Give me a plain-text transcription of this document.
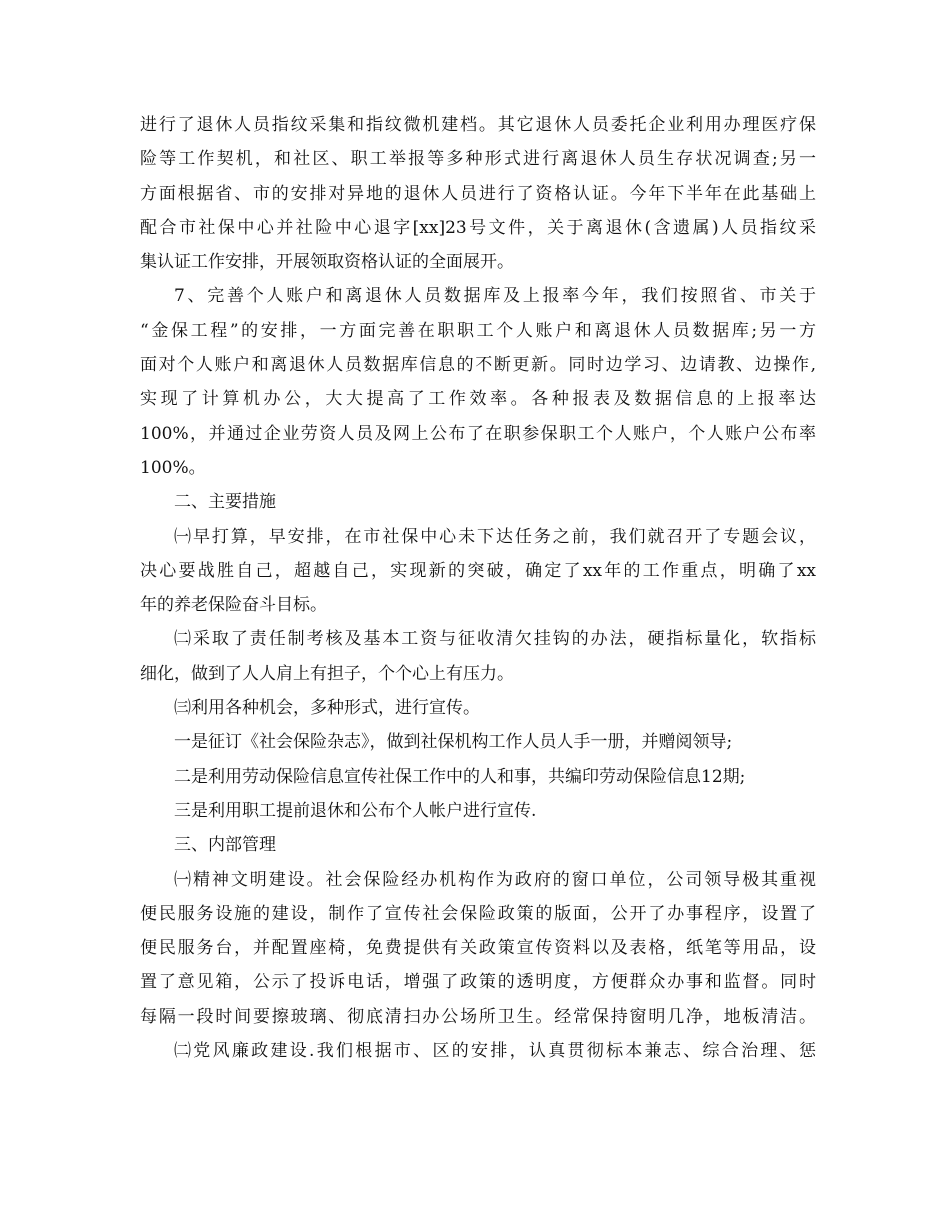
进行了退休人员指纹采集和指纹微机建档。其它退休人员委托企业利用办理医疗保
险等工作契机，和社区、职工举报等多种形式进行离退休人员生存状况调查;另一
方面根据省、市的安排对异地的退休人员进行了资格认证。今年下半年在此基础上
配合市社保中心并社险中心退字[xx]23号文件，关于离退休(含遗属)人员指纹采
集认证工作安排，开展领取资格认证的全面展开。
7、完善个人账户和离退休人员数据库及上报率今年，我们按照省、市关于
“金保工程”的安排，一方面完善在职职工个人账户和离退休人员数据库;另一方
面对个人账户和离退休人员数据库信息的不断更新。同时边学习、边请教、边操作,
实现了计算机办公，大大提高了工作效率。各种报表及数据信息的上报率达
100%，并通过企业劳资人员及网上公布了在职参保职工个人账户，个人账户公布率
100%。
二、主要措施
㈠早打算，早安排，在市社保中心未下达任务之前，我们就召开了专题会议，
决心要战胜自己，超越自己，实现新的突破，确定了xx年的工作重点，明确了xx
年的养老保险奋斗目标。
㈡采取了责任制考核及基本工资与征收清欠挂钩的办法，硬指标量化，软指标
细化，做到了人人肩上有担子，个个心上有压力。
㈢利用各种机会，多种形式，进行宣传。
一是征订《社会保险杂志》，做到社保机构工作人员人手一册，并赠阅领导;
二是利用劳动保险信息宣传社保工作中的人和事，共编印劳动保险信息12期;
三是利用职工提前退休和公布个人帐户进行宣传.
三、内部管理
㈠精神文明建设。社会保险经办机构作为政府的窗口单位，公司领导极其重视
便民服务设施的建设，制作了宣传社会保险政策的版面，公开了办事程序，设置了
便民服务台，并配置座椅，免费提供有关政策宣传资料以及表格，纸笔等用品，设
置了意见箱，公示了投诉电话，增强了政策的透明度，方便群众办事和监督。同时
每隔一段时间要擦玻璃、彻底清扫办公场所卫生。经常保持窗明几净，地板清洁。
㈡党风廉政建设.我们根据市、区的安排，认真贯彻标本兼志、综合治理、惩
